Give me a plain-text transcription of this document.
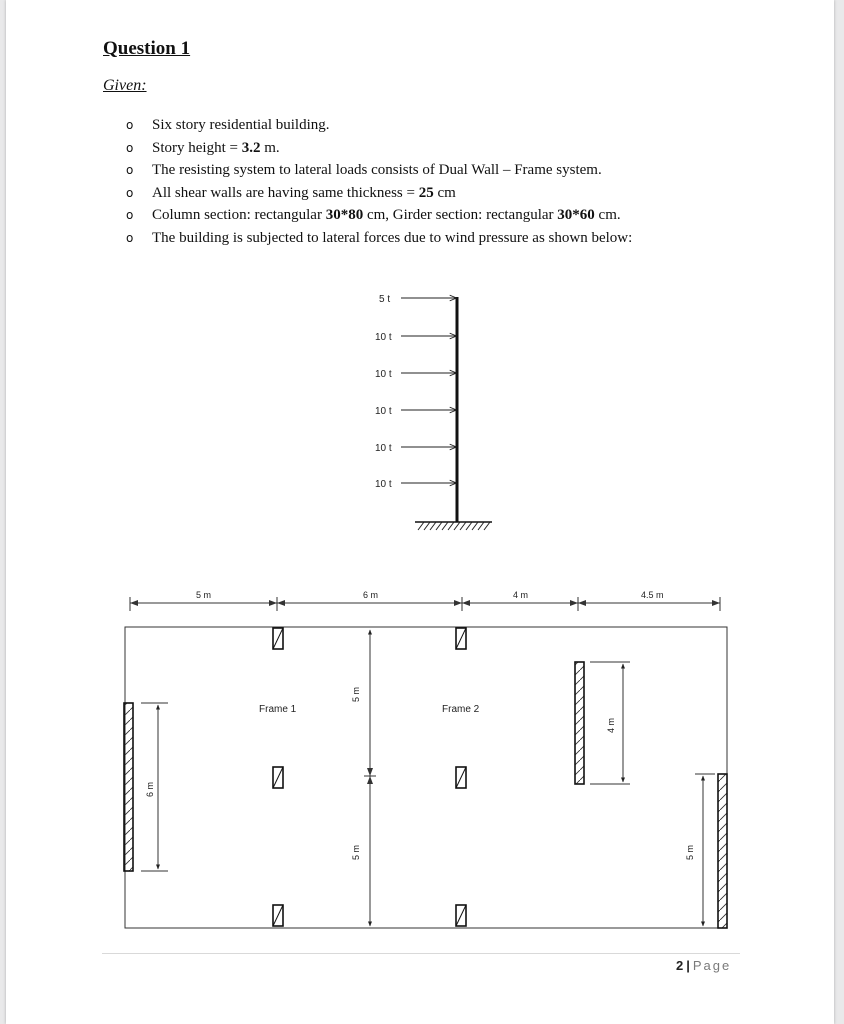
Question 1
Given:
o Six story residential building.
o Story height = 3.2 m.
o The resisting system to lateral loads consists of Dual Wall – Frame system.
o All shear walls are having same thickness = 25 cm
o Column section: rectangular 30*80 cm, Girder section: rectangular 30*60 cm.
o The building is subjected to lateral forces due to wind pressure as shown below:
5 t
10 t
10 t
10 t
10 t
10 t
5 m	6 m	4 m	4.5 m
Frame 1	Frame 2
5 m
5 m
6 m
4 m
5 m
2 | Page
